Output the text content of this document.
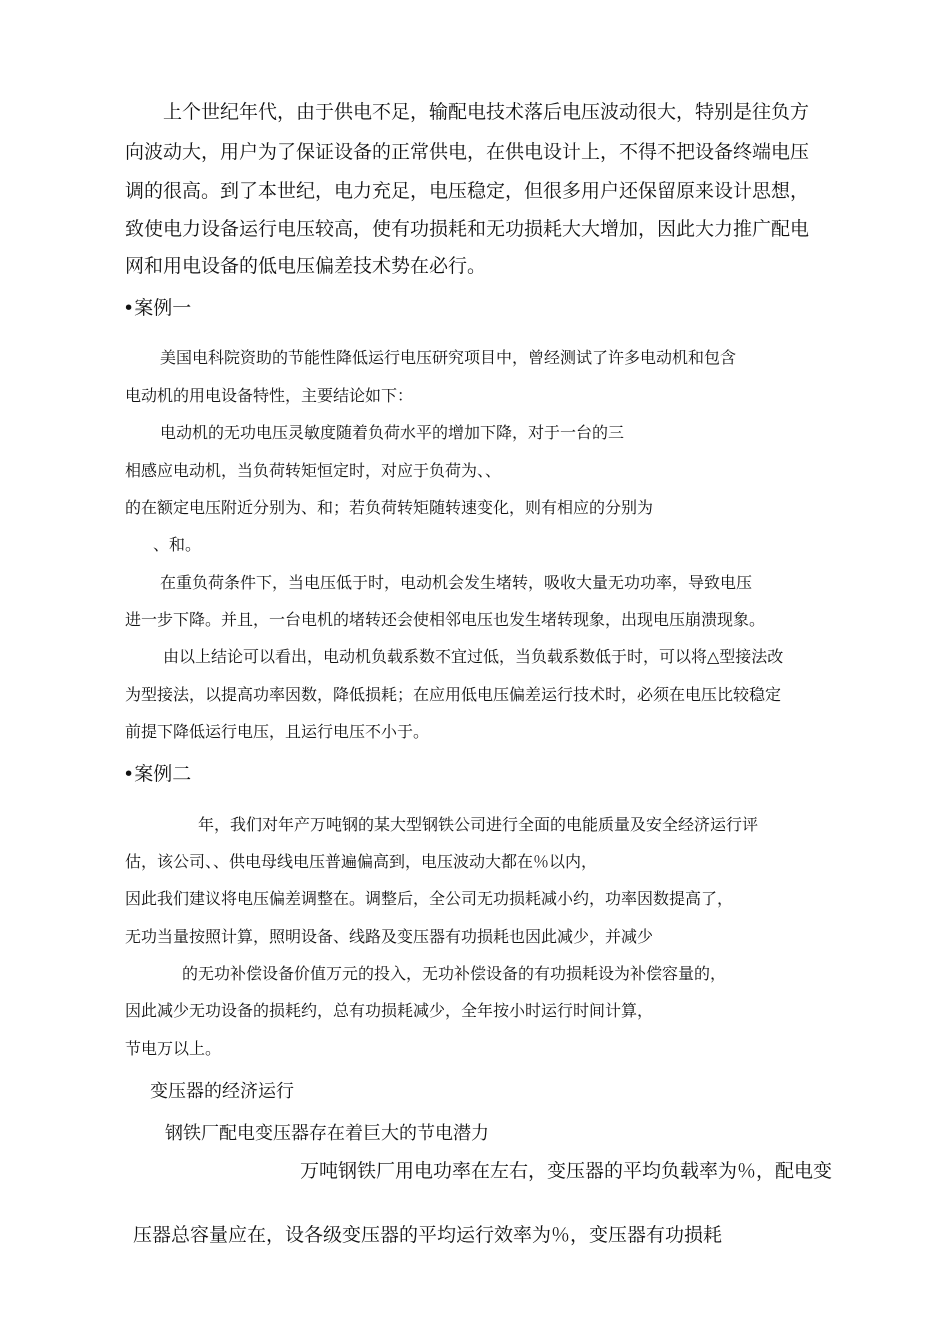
上个世纪年代，由于供电不足，输配电技术落后电压波动很大，特别是往负方
向波动大，用户为了保证设备的正常供电，在供电设计上，不得不把设备终端电压
调的很高。到了本世纪，电力充足，电压稳定，但很多用户还保留原来设计思想，
致使电力设备运行电压较高，使有功损耗和无功损耗大大增加，因此大力推广配电
网和用电设备的低电压偏差技术势在必行。
•案例一
美国电科院资助的节能性降低运行电压研究项目中，曾经测试了许多电动机和包含
电动机的用电设备特性，主要结论如下：
电动机的无功电压灵敏度随着负荷水平的增加下降，对于一台的三
相感应电动机，当负荷转矩恒定时，对应于负荷为、、
的在额定电压附近分别为、和；若负荷转矩随转速变化，则有相应的分别为
、和。
在重负荷条件下，当电压低于时，电动机会发生堵转，吸收大量无功功率，导致电压
进一步下降。并且，一台电机的堵转还会使相邻电压也发生堵转现象，出现电压崩溃现象。
由以上结论可以看出，电动机负载系数不宜过低，当负载系数低于时，可以将△型接法改
为型接法，以提高功率因数，降低损耗；在应用低电压偏差运行技术时，必须在电压比较稳定
前提下降低运行电压，且运行电压不小于。
•案例二
年，我们对年产万吨钢的某大型钢铁公司进行全面的电能质量及安全经济运行评
估，该公司、、供电母线电压普遍偏高到，电压波动大都在％以内，
因此我们建议将电压偏差调整在。调整后，全公司无功损耗减小约，功率因数提高了，
无功当量按照计算，照明设备、线路及变压器有功损耗也因此减少，并减少
的无功补偿设备价值万元的投入，无功补偿设备的有功损耗设为补偿容量的，
因此减少无功设备的损耗约，总有功损耗减少，全年按小时运行时间计算，
节电万以上。
变压器的经济运行
钢铁厂配电变压器存在着巨大的节电潜力
万吨钢铁厂用电功率在左右，变压器的平均负载率为％，配电变
压器总容量应在，设各级变压器的平均运行效率为％，变压器有功损耗
